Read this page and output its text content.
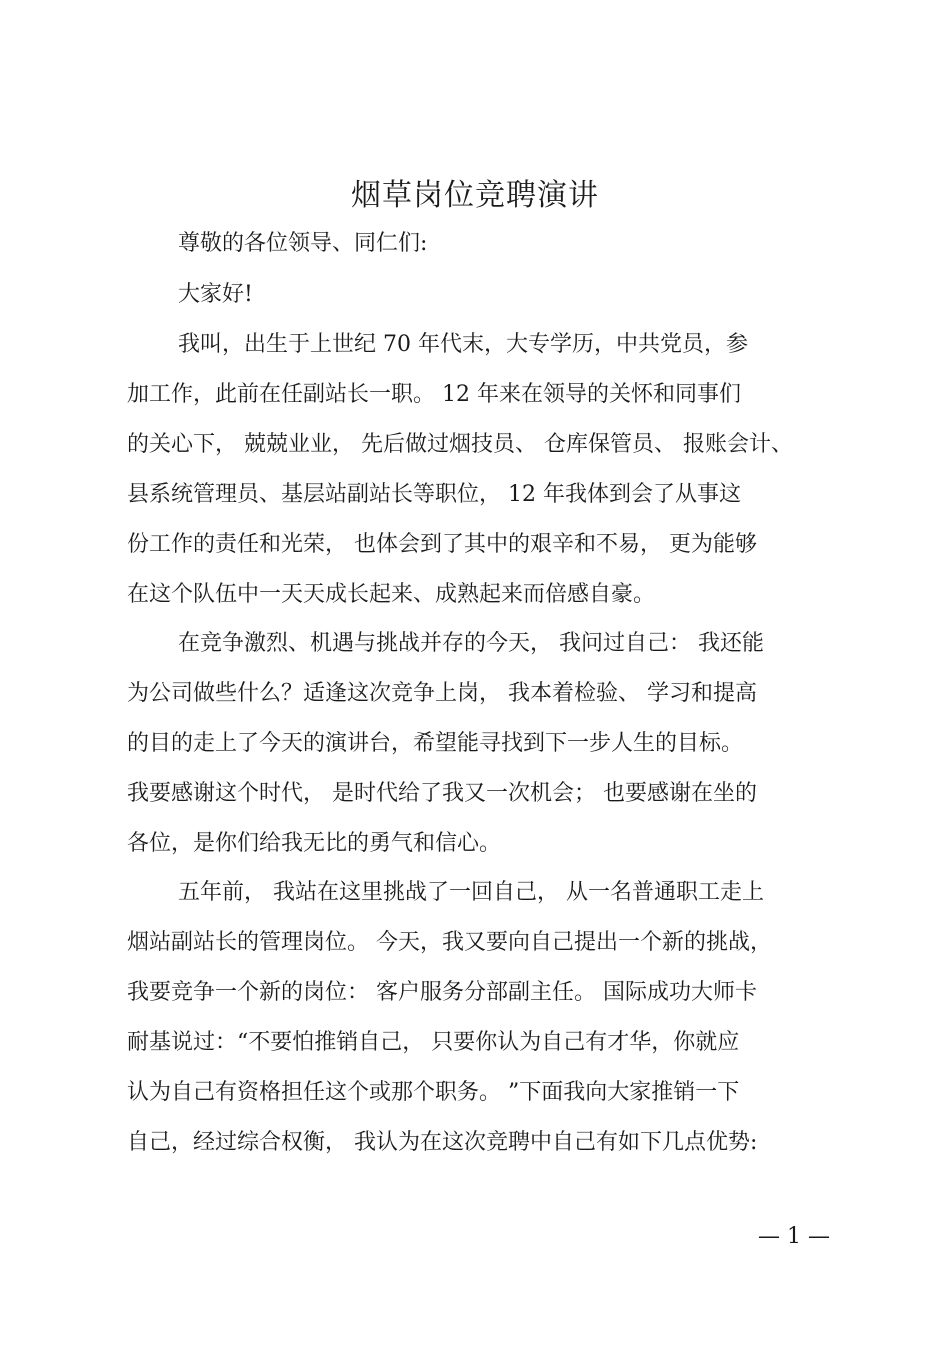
烟草岗位竞聘演讲
尊敬的各位领导、同仁们:
大家好!
我叫，出生于上世纪 70 年代末，大专学历，中共党员，参
加工作，此前在任副站长一职。 12 年来在领导的关怀和同事们
的关心下， 兢兢业业， 先后做过烟技员、 仓库保管员、 报账会计、
县系统管理员、基层站副站长等职位， 12 年我体到会了从事这
份工作的责任和光荣， 也体会到了其中的艰辛和不易， 更为能够
在这个队伍中一天天成长起来、成熟起来而倍感自豪。
在竞争激烈、机遇与挑战并存的今天， 我问过自己： 我还能
为公司做些什么？适逢这次竞争上岗， 我本着检验、 学习和提高
的目的走上了今天的演讲台，希望能寻找到下一步人生的目标。
我要感谢这个时代， 是时代给了我又一次机会； 也要感谢在坐的
各位，是你们给我无比的勇气和信心。
五年前， 我站在这里挑战了一回自己， 从一名普通职工走上
烟站副站长的管理岗位。 今天，我又要向自己提出一个新的挑战，
我要竞争一个新的岗位： 客户服务分部副主任。 国际成功大师卡
耐基说过：“不要怕推销自己， 只要你认为自己有才华，你就应
认为自己有资格担任这个或那个职务。 ”下面我向大家推销一下
自己，经过综合权衡， 我认为在这次竞聘中自己有如下几点优势:
— 1 —
